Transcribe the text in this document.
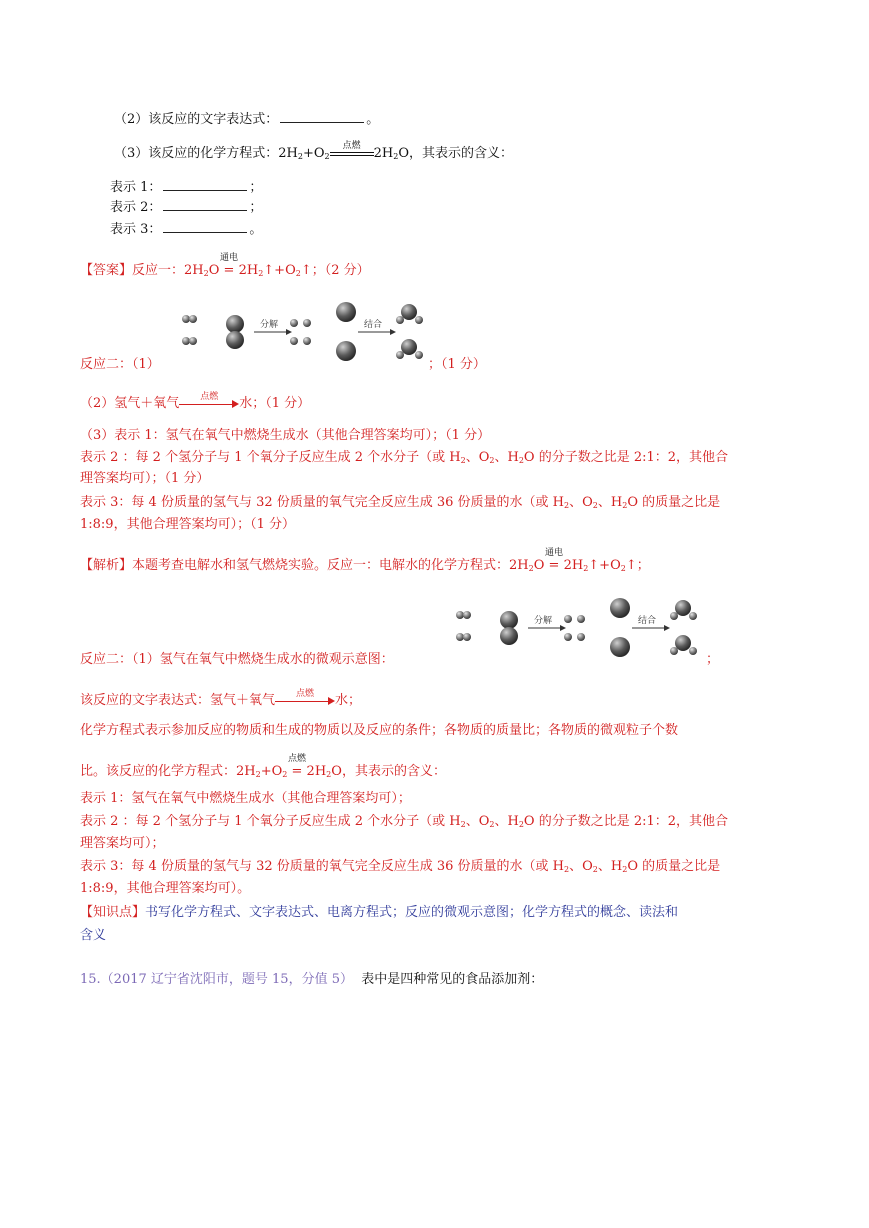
（2）该反应的文字表达式：	。
（3）该反应的化学方程式：$2H_2+O_2$
点燃
$2H_2O$，其表示的含义：
表示 1：	；
表示 2：	；
表示 3：	。
【答案】反应一：$2H_2O$ =
通电
$2H_2↑+O_2↑$；（2 分）
分解	结合
反应二：（1）	；（1 分）
（2）氢气＋氧气 点燃 水；（1 分）
（3）表示 1：氢气在氧气中燃烧生成水（其他合理答案均可）；（1 分）
表示 2 ：每 2 个氢分子与 1 个氧分子反应生成 2 个水分子（或 $H_2$、$O_2$、$H_2O$ 的分子数之比是 2:1：2，其他合
理答案均可）；（1 分）
表示 3：每 4 份质量的氢气与 32 份质量的氧气完全反应生成 36 份质量的水（或 $H_2$、$O_2$、$H_2O$ 的质量之比是
1:8:9，其他合理答案均可）；（1 分）
【解析】本题考查电解水和氢气燃烧实验。反应一：电解水的化学方程式：$2H_2O$ =
通电
$2H_2↑+O_2↑$；
分解	结合
反应二：（1）氢气在氧气中燃烧生成水的微观示意图：	；
该反应的文字表达式：氢气＋氧气 点燃 水；
化学方程式表示参加反应的物质和生成的物质以及反应的条件；各物质的质量比；各物质的微观粒子个数
比。该反应的化学方程式：$2H_2+O_2$ =
点燃
$2H_2O$，其表示的含义：
表示 1：氢气在氧气中燃烧生成水（其他合理答案均可）；
表示 2 ：每 2 个氢分子与 1 个氧分子反应生成 2 个水分子（或 $H_2$、$O_2$、$H_2O$ 的分子数之比是 2:1：2，其他合
理答案均可）；
表示 3：每 4 份质量的氢气与 32 份质量的氧气完全反应生成 36 份质量的水（或 $H_2$、$O_2$、$H_2O$ 的质量之比是
1:8:9，其他合理答案均可）。
【知识点】书写化学方程式、文字表达式、电离方程式；反应的微观示意图；化学方程式的概念、读法和
含义
15.（2017 辽宁省沈阳市，题号 15，分值 5） 表中是四种常见的食品添加剂：
